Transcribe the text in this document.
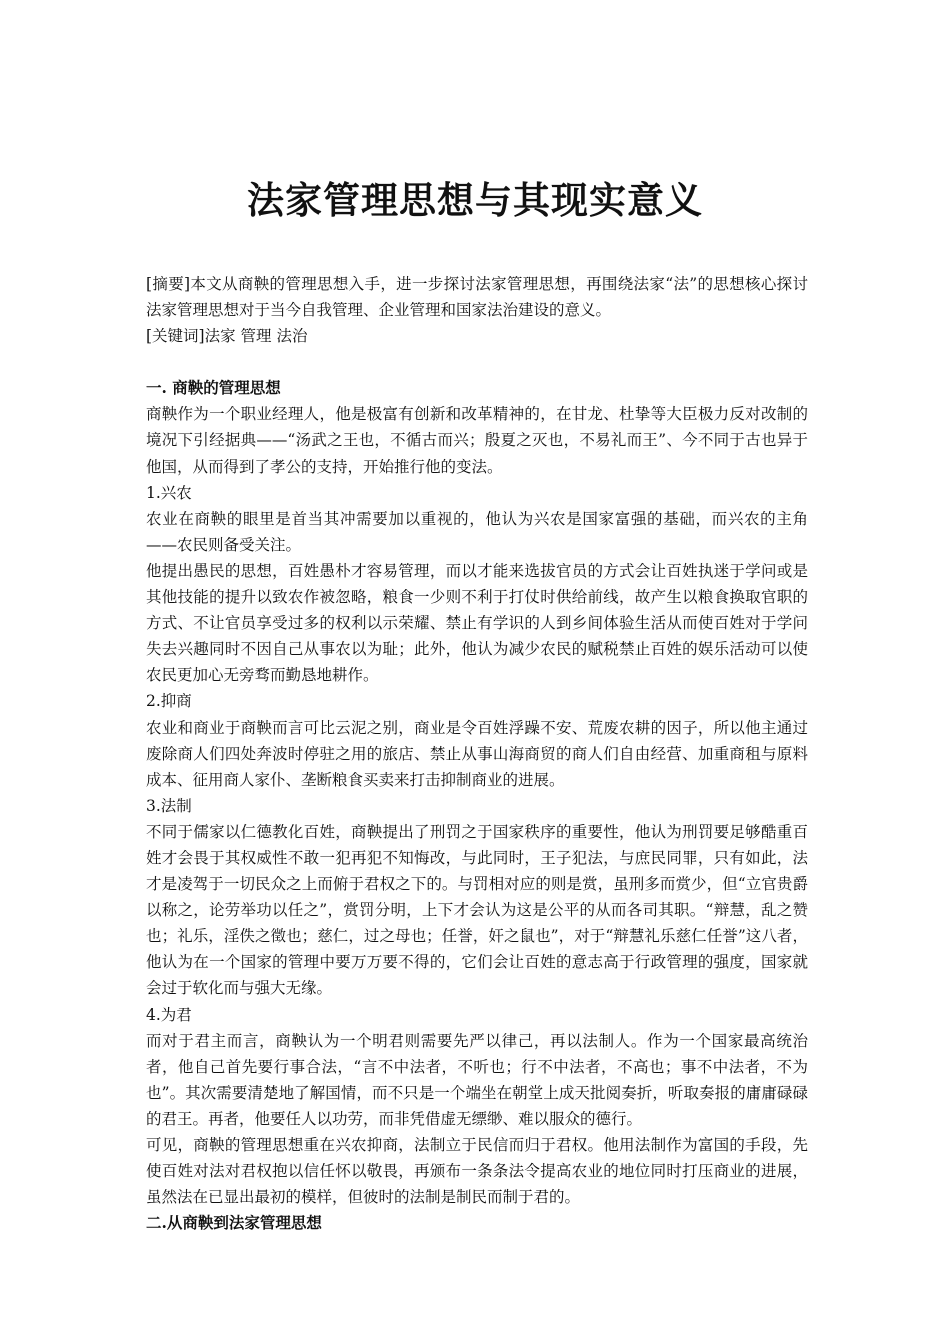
法家管理思想与其现实意义

[摘要]本文从商鞅的管理思想入手，进一步探讨法家管理思想，再围绕法家“法”的思想核心探讨法家管理思想对于当今自我管理、企业管理和国家法治建设的意义。

[关键词]法家 管理 法治

一. 商鞅的管理思想

商鞅作为一个职业经理人，他是极富有创新和改革精神的，在甘龙、杜挚等大臣极力反对改制的境况下引经据典——“汤武之王也，不循古而兴；殷夏之灭也，不易礼而王”、今不同于古也异于他国，从而得到了孝公的支持，开始推行他的变法。

1.兴农

农业在商鞅的眼里是首当其冲需要加以重视的，他认为兴农是国家富强的基础，而兴农的主角——农民则备受关注。

他提出愚民的思想，百姓愚朴才容易管理，而以才能来选拔官员的方式会让百姓执迷于学问或是其他技能的提升以致农作被忽略，粮食一少则不利于打仗时供给前线，故产生以粮食换取官职的方式、不让官员享受过多的权利以示荣耀、禁止有学识的人到乡间体验生活从而使百姓对于学问失去兴趣同时不因自己从事农以为耻；此外，他认为减少农民的赋税禁止百姓的娱乐活动可以使农民更加心无旁骛而勤恳地耕作。

2.抑商

农业和商业于商鞅而言可比云泥之别，商业是令百姓浮躁不安、荒废农耕的因子，所以他主通过废除商人们四处奔波时停驻之用的旅店、禁止从事山海商贸的商人们自由经营、加重商租与原料成本、征用商人家仆、垄断粮食买卖来打击抑制商业的进展。

3.法制

不同于儒家以仁德教化百姓，商鞅提出了刑罚之于国家秩序的重要性，他认为刑罚要足够酷重百姓才会畏于其权威性不敢一犯再犯不知悔改，与此同时，王子犯法，与庶民同罪，只有如此，法才是凌驾于一切民众之上而俯于君权之下的。与罚相对应的则是赏，虽刑多而赏少，但“立官贵爵以称之，论劳举功以任之”，赏罚分明，上下才会认为这是公平的从而各司其职。“辩慧，乱之赞也；礼乐，淫佚之徵也；慈仁，过之母也；任誉，奸之鼠也”，对于“辩慧礼乐慈仁任誉”这八者，他认为在一个国家的管理中要万万要不得的，它们会让百姓的意志高于行政管理的强度，国家就会过于软化而与强大无缘。

4.为君

而对于君主而言，商鞅认为一个明君则需要先严以律己，再以法制人。作为一个国家最高统治者，他自己首先要行事合法，“言不中法者，不听也；行不中法者，不高也；事不中法者，不为也”。其次需要清楚地了解国情，而不只是一个端坐在朝堂上成天批阅奏折，听取奏报的庸庸碌碌的君王。再者，他要任人以功劳，而非凭借虚无缥缈、难以服众的德行。

可见，商鞅的管理思想重在兴农抑商，法制立于民信而归于君权。他用法制作为富国的手段，先使百姓对法对君权抱以信任怀以敬畏，再颁布一条条法令提高农业的地位同时打压商业的进展，虽然法在已显出最初的模样，但彼时的法制是制民而制于君的。

二.从商鞅到法家管理思想
